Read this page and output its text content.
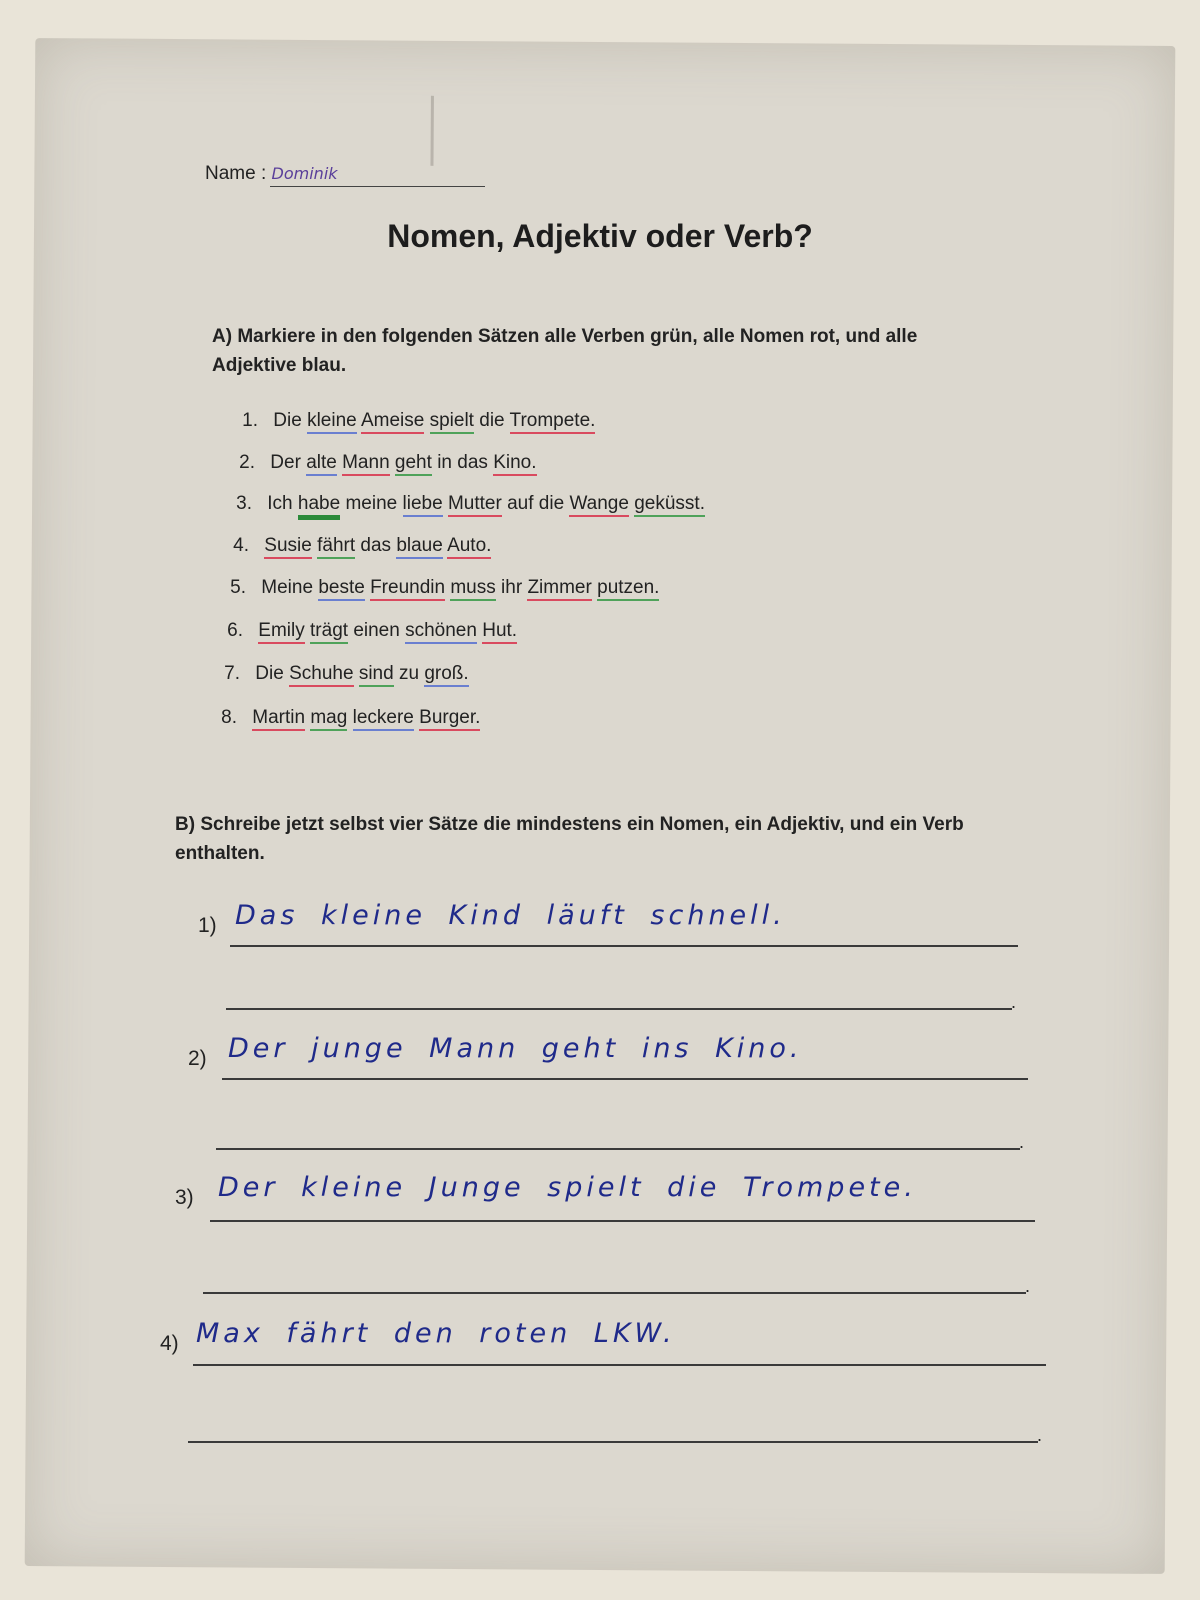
Name : Dominik
Nomen, Adjektiv oder Verb?
A) Markiere in den folgenden Sätzen alle Verben grün, alle Nomen rot, und alle Adjektive blau.
1. Die kleine Ameise spielt die Trompete.
2. Der alte Mann geht in das Kino.
3. Ich habe meine liebe Mutter auf die Wange geküsst.
4. Susie fährt das blaue Auto.
5. Meine beste Freundin muss ihr Zimmer putzen.
6. Emily trägt einen schönen Hut.
7. Die Schuhe sind zu groß.
8. Martin mag leckere Burger.
B) Schreibe jetzt selbst vier Sätze die mindestens ein Nomen, ein Adjektiv, und ein Verb enthalten.
1) Das kleine Kind läuft schnell.
.
2) Der junge Mann geht ins Kino.
.
3) Der kleine Junge spielt die Trompete.
.
4) Max fährt den roten LKW.
.
